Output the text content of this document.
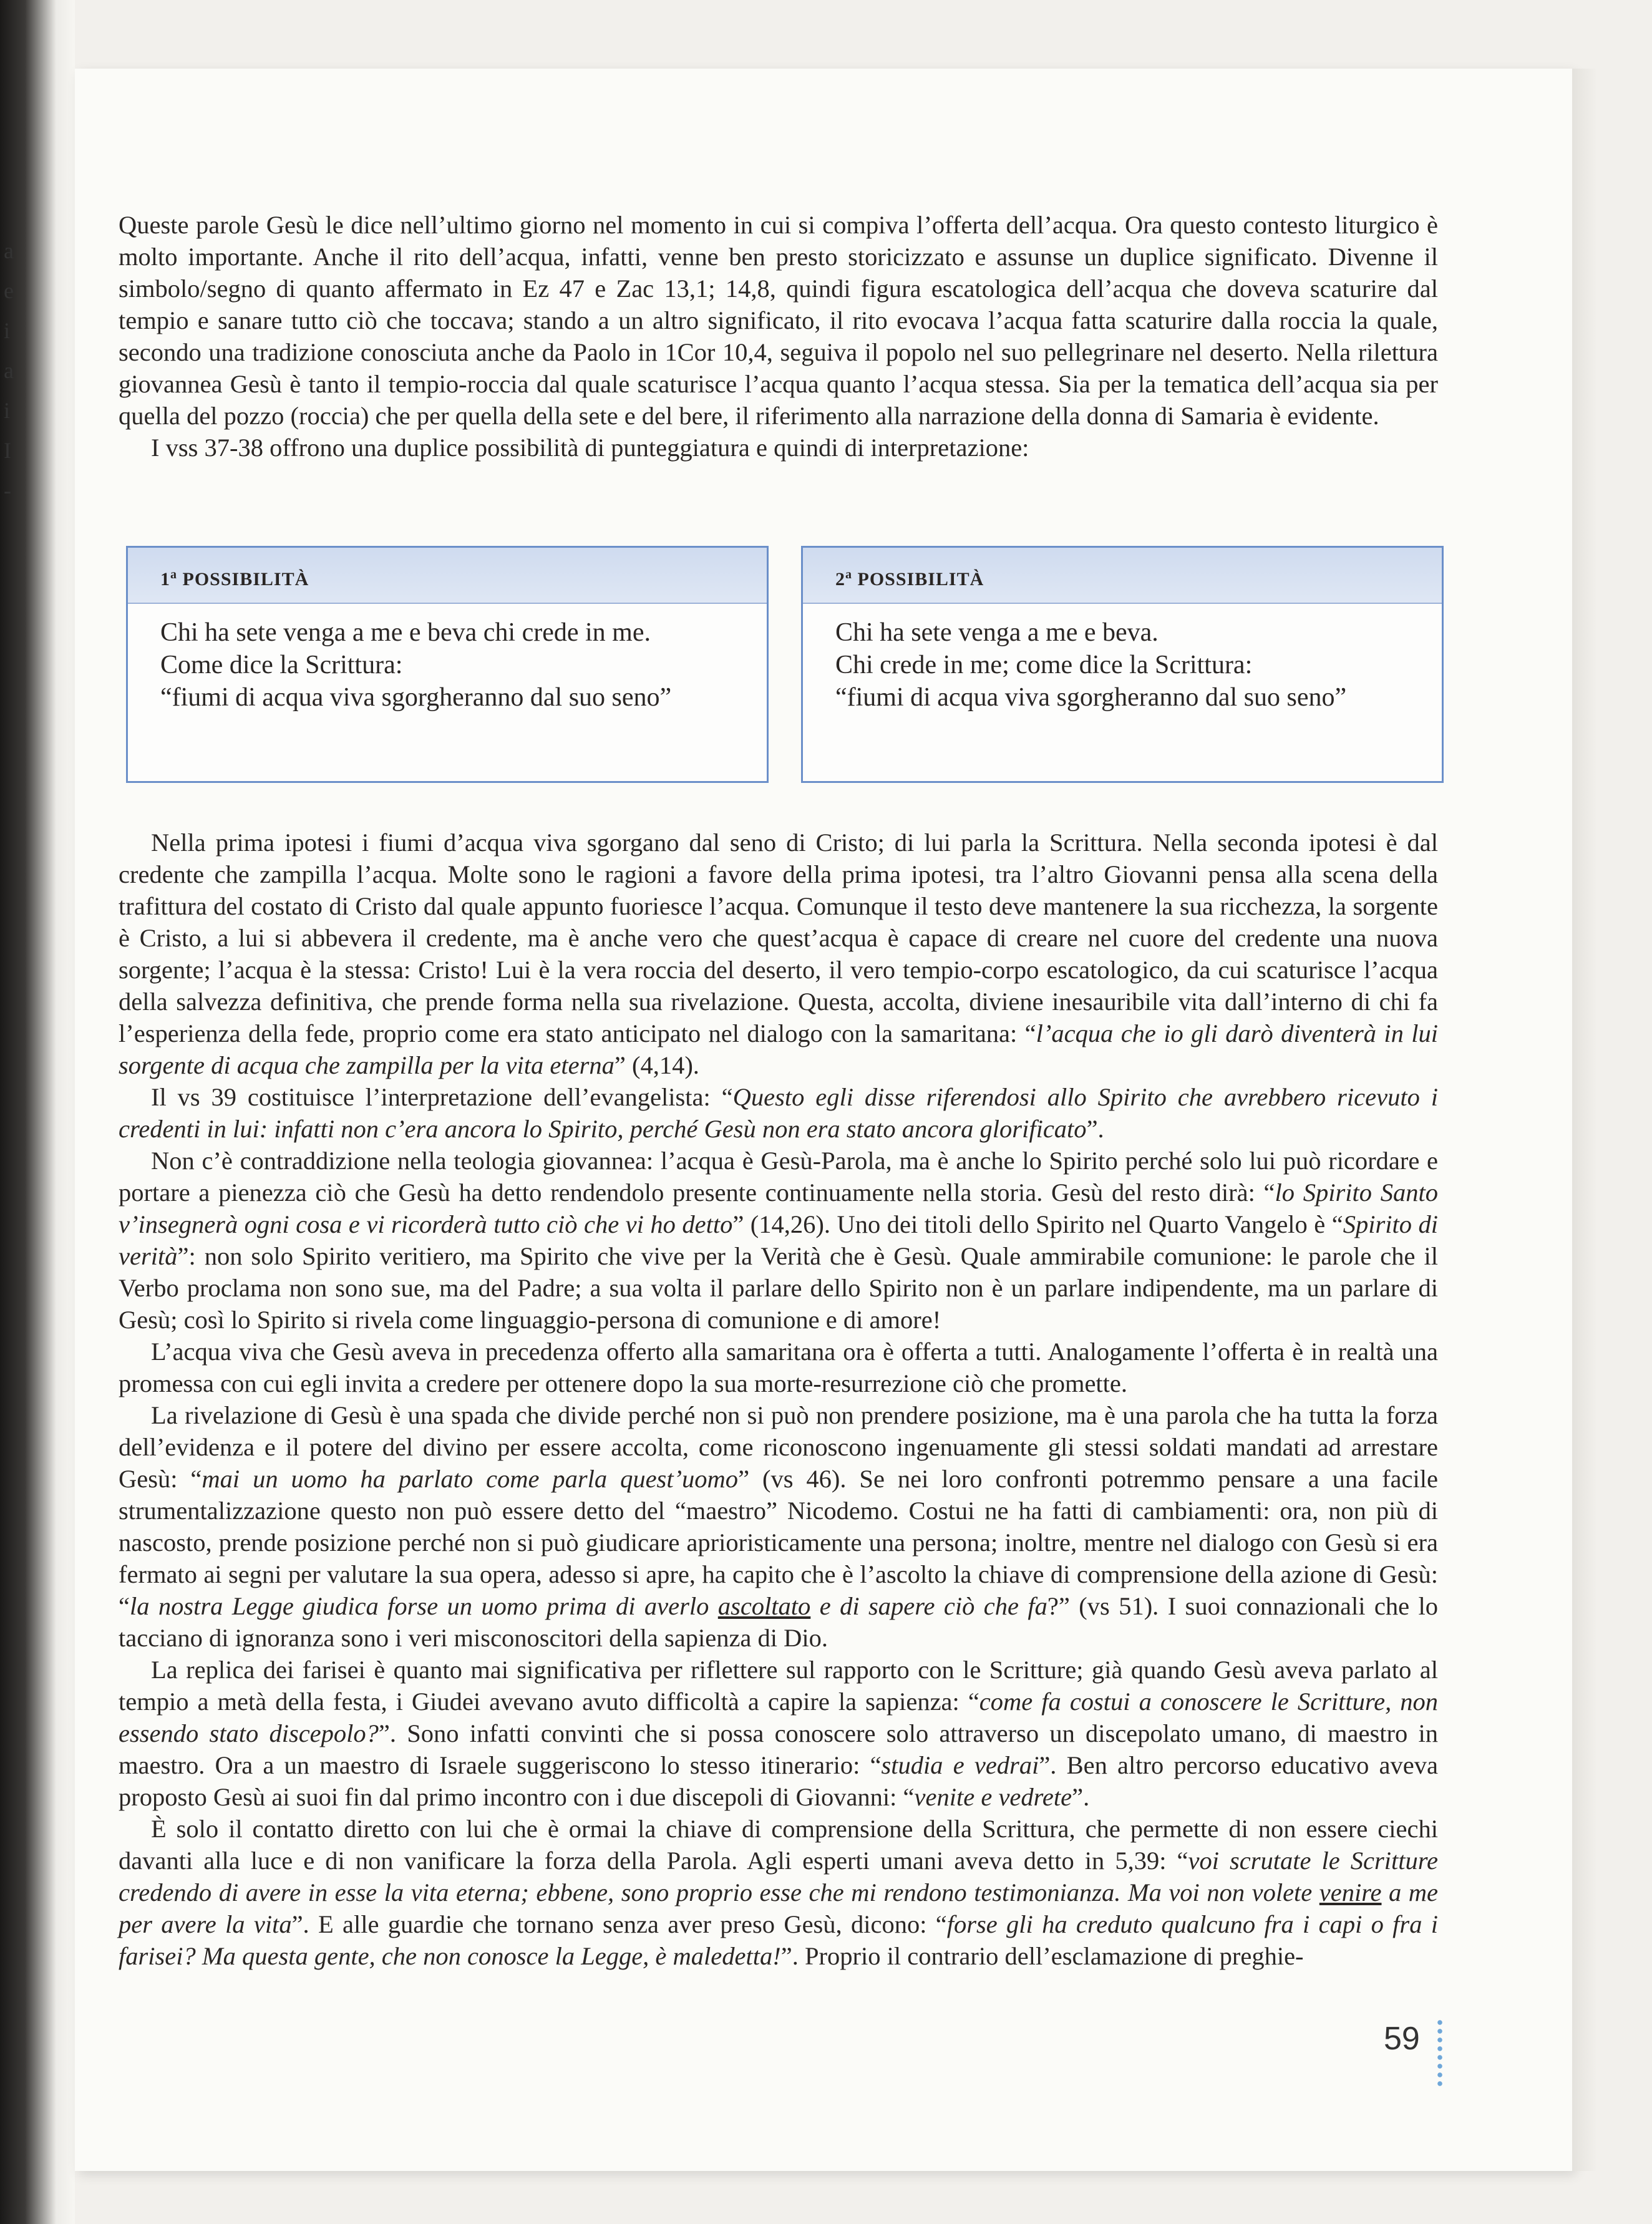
a
e
i
a
i
I
-

Queste parole Gesù le dice nell’ultimo giorno nel momento in cui si compiva l’offerta dell’acqua. Ora questo contesto liturgico è molto importante. Anche il rito dell’acqua, infatti, venne ben presto storicizzato e assunse un duplice significato. Divenne il simbolo/segno di quanto affermato in Ez 47 e Zac 13,1; 14,8, quindi figura escatologica dell’acqua che doveva scaturire dal tempio e sanare tutto ciò che toccava; stando a un altro significato, il rito evocava l’acqua fatta scaturire dalla roccia la quale, secondo una tradizione conosciuta anche da Paolo in 1Cor 10,4, seguiva il popolo nel suo pellegrinare nel deserto. Nella rilettura giovannea Gesù è tanto il tempio-roccia dal quale scaturisce l’acqua quanto l’acqua stessa. Sia per la tematica dell’acqua sia per quella del pozzo (roccia) che per quella della sete e del bere, il riferimento alla narrazione della donna di Samaria è evidente.

I vss 37-38 offrono una duplice possibilità di punteggiatura e quindi di interpretazione:

1$^a$ POSSIBILITÀ
Chi ha sete venga a me e beva chi crede in me.
Come dice la Scrittura:
“fiumi di acqua viva sgorgheranno dal suo seno”
2$^a$ POSSIBILITÀ
Chi ha sete venga a me e beva.
Chi crede in me; come dice la Scrittura:
“fiumi di acqua viva sgorgheranno dal suo seno”

Nella prima ipotesi i fiumi d’acqua viva sgorgano dal seno di Cristo; di lui parla la Scrittura. Nella seconda ipotesi è dal credente che zampilla l’acqua. Molte sono le ragioni a favore della prima ipotesi, tra l’altro Giovanni pensa alla scena della trafittura del costato di Cristo dal quale appunto fuoriesce l’acqua. Comunque il testo deve mantenere la sua ricchezza, la sorgente è Cristo, a lui si abbevera il credente, ma è anche vero che quest’acqua è capace di creare nel cuore del credente una nuova sorgente; l’acqua è la stessa: Cristo! Lui è la vera roccia del deserto, il vero tempio-corpo escatologico, da cui scaturisce l’acqua della salvezza definitiva, che prende forma nella sua rivelazione. Questa, accolta, diviene inesauribile vita dall’interno di chi fa l’esperienza della fede, proprio come era stato anticipato nel dialogo con la samaritana: “l’acqua che io gli darò diventerà in lui sorgente di acqua che zampilla per la vita eterna” (4,14).

Il vs 39 costituisce l’interpretazione dell’evangelista: “Questo egli disse riferendosi allo Spirito che avrebbero ricevuto i credenti in lui: infatti non c’era ancora lo Spirito, perché Gesù non era stato ancora glorificato”.

Non c’è contraddizione nella teologia giovannea: l’acqua è Gesù-Parola, ma è anche lo Spirito perché solo lui può ricordare e portare a pienezza ciò che Gesù ha detto rendendolo presente continuamente nella storia. Gesù del resto dirà: “lo Spirito Santo v’insegnerà ogni cosa e vi ricorderà tutto ciò che vi ho detto” (14,26). Uno dei titoli dello Spirito nel Quarto Vangelo è “Spirito di verità”: non solo Spirito veritiero, ma Spirito che vive per la Verità che è Gesù. Quale ammirabile comunione: le parole che il Verbo proclama non sono sue, ma del Padre; a sua volta il parlare dello Spirito non è un parlare indipendente, ma un parlare di Gesù; così lo Spirito si rivela come linguaggio-persona di comunione e di amore!

L’acqua viva che Gesù aveva in precedenza offerto alla samaritana ora è offerta a tutti. Analogamente l’offerta è in realtà una promessa con cui egli invita a credere per ottenere dopo la sua morte-resurrezione ciò che promette.

La rivelazione di Gesù è una spada che divide perché non si può non prendere posizione, ma è una parola che ha tutta la forza dell’evidenza e il potere del divino per essere accolta, come riconoscono ingenuamente gli stessi soldati mandati ad arrestare Gesù: “mai un uomo ha parlato come parla quest’uomo” (vs 46). Se nei loro confronti potremmo pensare a una facile strumentalizzazione questo non può essere detto del “maestro” Nicodemo. Costui ne ha fatti di cambiamenti: ora, non più di nascosto, prende posizione perché non si può giudicare aprioristicamente una persona; inoltre, mentre nel dialogo con Gesù si era fermato ai segni per valutare la sua opera, adesso si apre, ha capito che è l’ascolto la chiave di comprensione della azione di Gesù: “la nostra Legge giudica forse un uomo prima di averlo ascoltato e di sapere ciò che fa?” (vs 51). I suoi connazionali che lo tacciano di ignoranza sono i veri misconoscitori della sapienza di Dio.

La replica dei farisei è quanto mai significativa per riflettere sul rapporto con le Scritture; già quando Gesù aveva parlato al tempio a metà della festa, i Giudei avevano avuto difficoltà a capire la sapienza: “come fa costui a conoscere le Scritture, non essendo stato discepolo?”. Sono infatti convinti che si possa conoscere solo attraverso un discepolato umano, di maestro in maestro. Ora a un maestro di Israele suggeriscono lo stesso itinerario: “studia e vedrai”. Ben altro percorso educativo aveva proposto Gesù ai suoi fin dal primo incontro con i due discepoli di Giovanni: “venite e vedrete”.

È solo il contatto diretto con lui che è ormai la chiave di comprensione della Scrittura, che permette di non essere ciechi davanti alla luce e di non vanificare la forza della Parola. Agli esperti umani aveva detto in 5,39: “voi scrutate le Scritture credendo di avere in esse la vita eterna; ebbene, sono proprio esse che mi rendono testimonianza. Ma voi non volete venire a me per avere la vita”. E alle guardie che tornano senza aver preso Gesù, dicono: “forse gli ha creduto qualcuno fra i capi o fra i farisei? Ma questa gente, che non conosce la Legge, è maledetta!”. Proprio il contrario dell’esclamazione di preghie-

59
